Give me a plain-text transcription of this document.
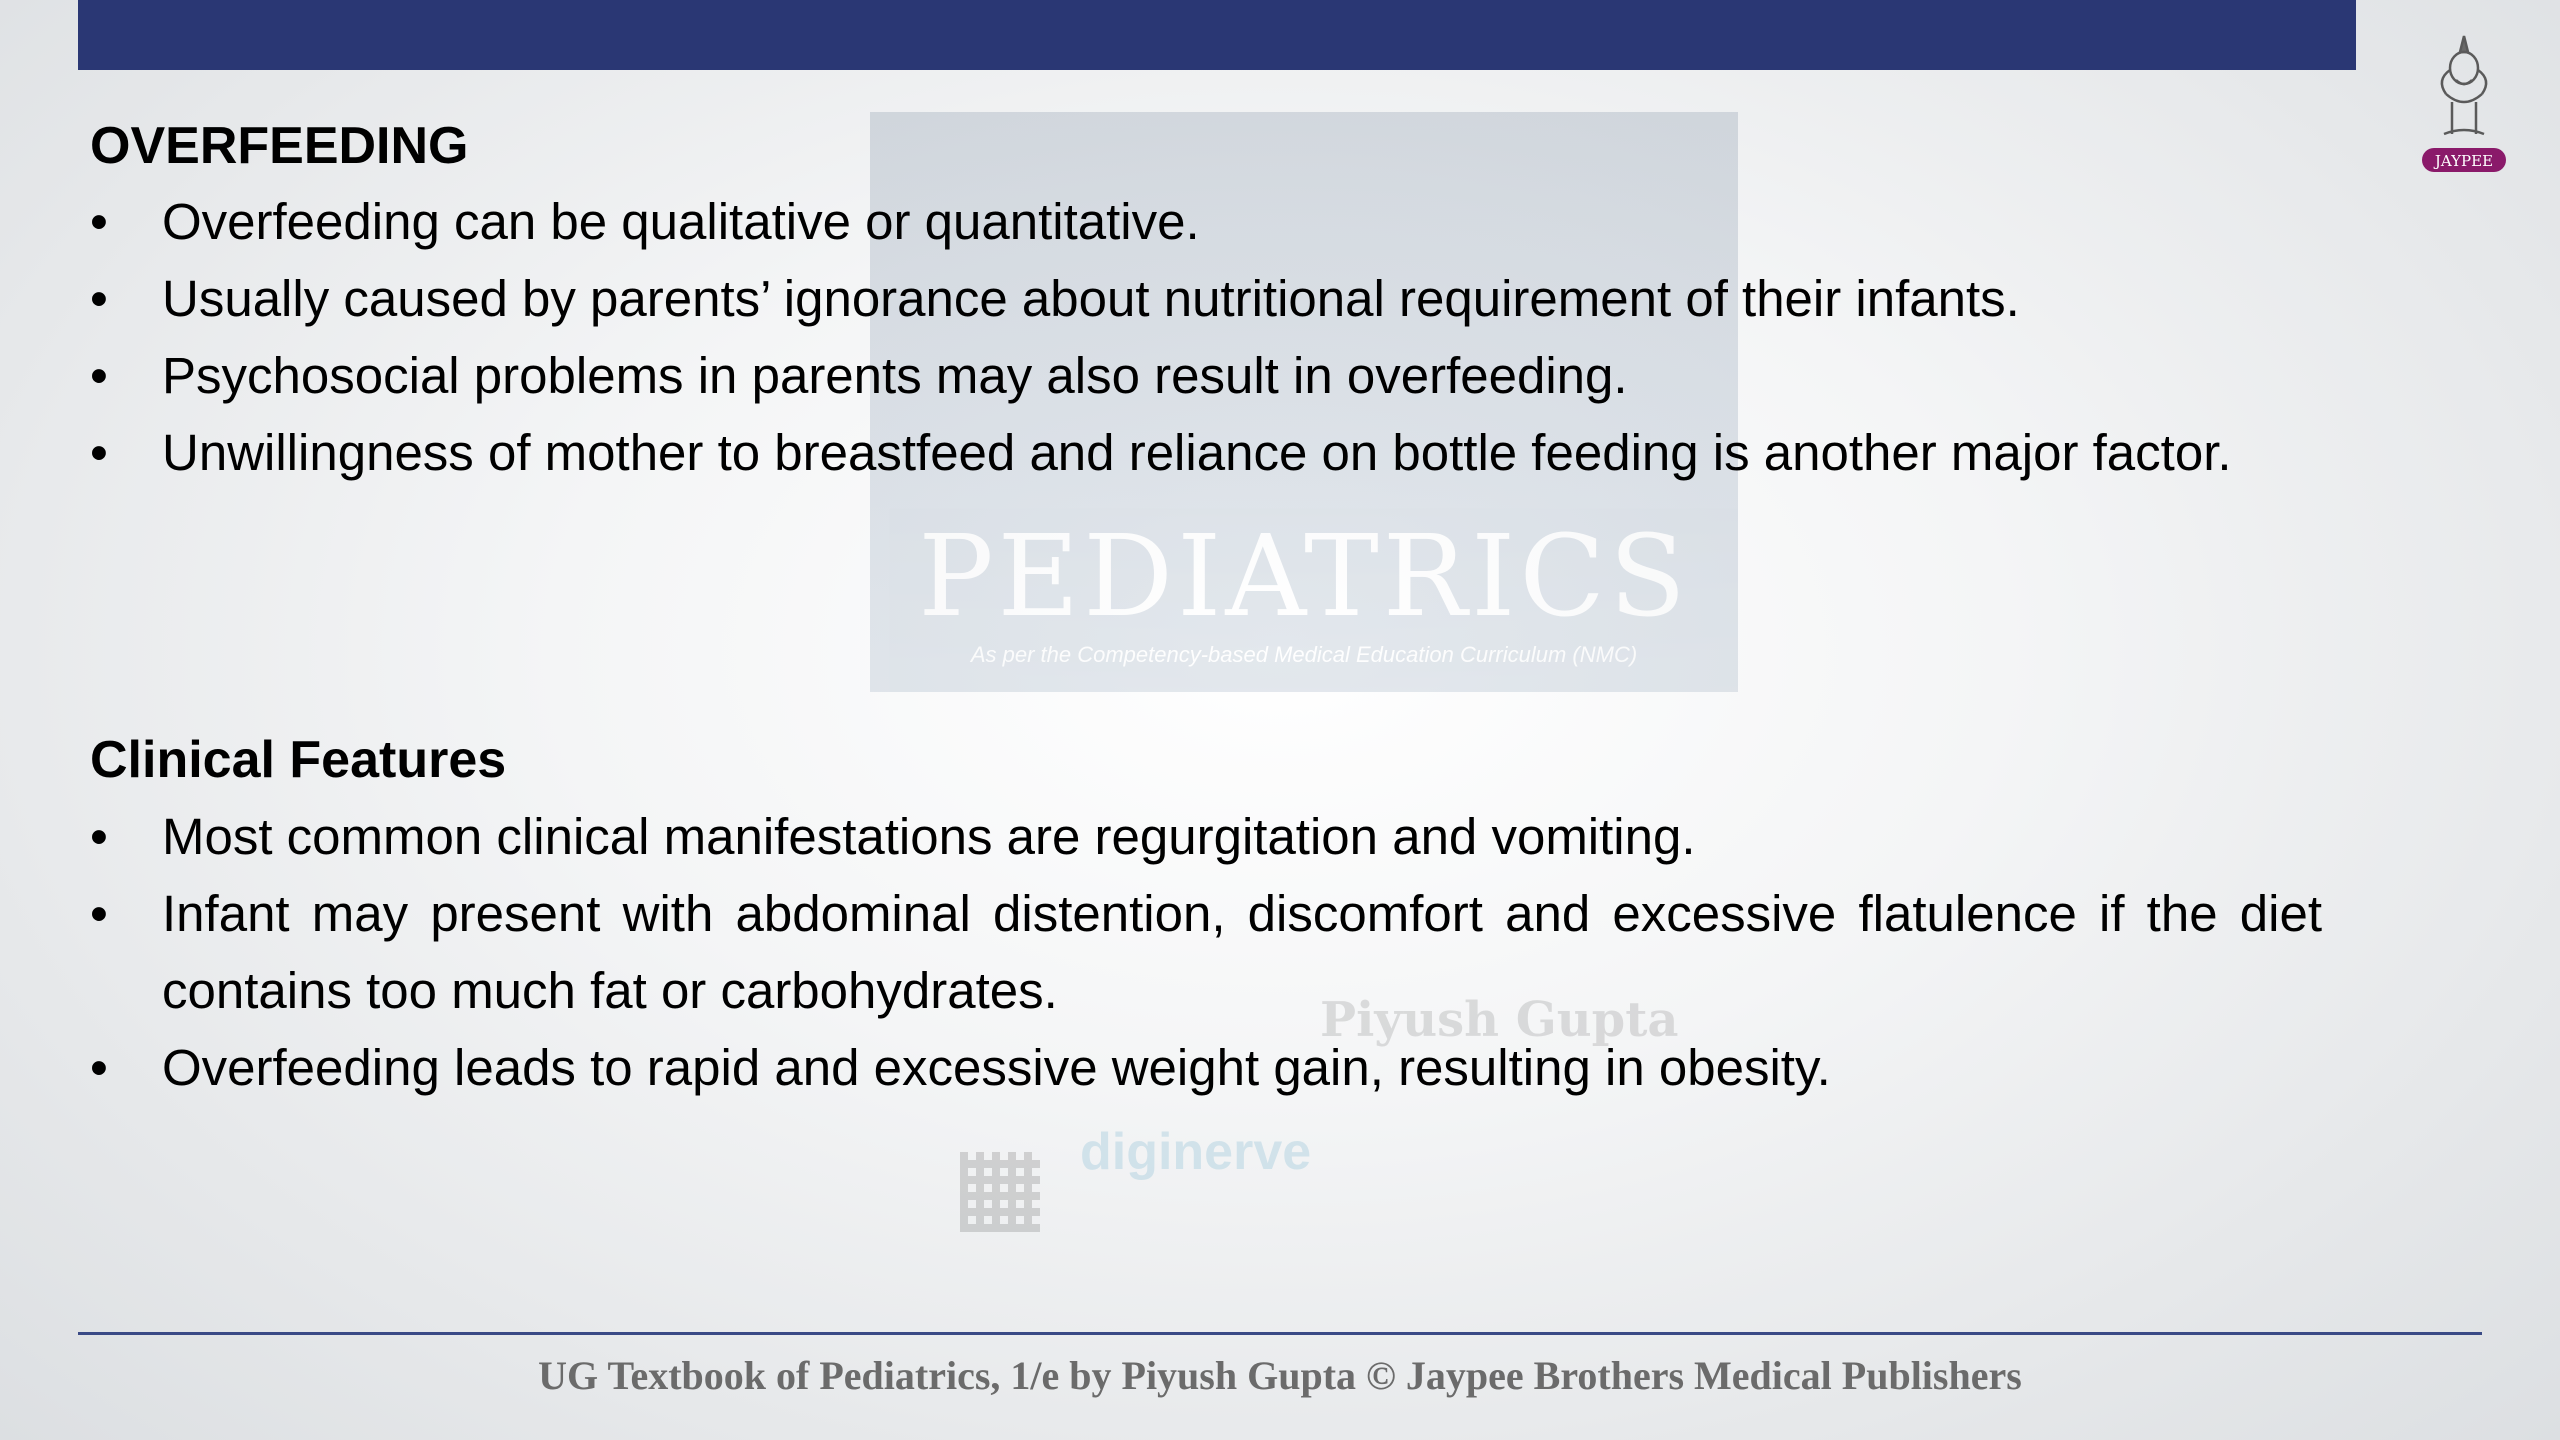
JAYPEE
PEDIATRICS
As per the Competency-based Medical Education Curriculum (NMC)
Piyush Gupta
diginerve
OVERFEEDING
• Overfeeding can be qualitative or quantitative.
• Usually caused by parents’ ignorance about nutritional requirement of their infants.
• Psychosocial problems in parents may also result in overfeeding.
• Unwillingness of mother to breastfeed and reliance on bottle feeding is another major factor.
Clinical Features
• Most common clinical manifestations are regurgitation and vomiting.
• Infant may present with abdominal distention, discomfort and excessive flatulence if the diet contains too much fat or carbohydrates.
• Overfeeding leads to rapid and excessive weight gain, resulting in obesity.
UG Textbook of Pediatrics, 1/e by Piyush Gupta © Jaypee Brothers Medical Publishers
